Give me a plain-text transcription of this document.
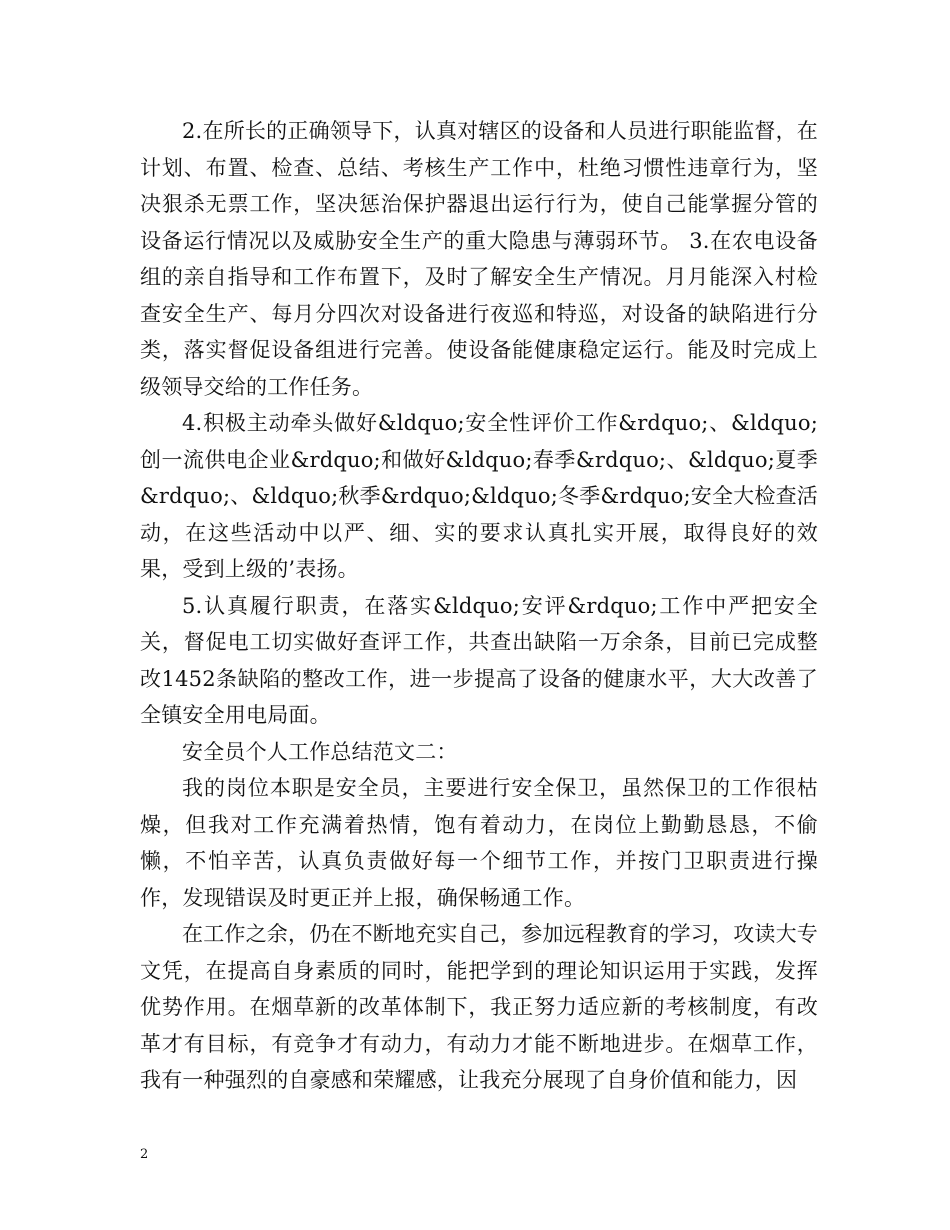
2.在所长的正确领导下，认真对辖区的设备和人员进行职能监督，在计划、布置、检查、总结、考核生产工作中，杜绝习惯性违章行为，坚决狠杀无票工作，坚决惩治保护器退出运行行为，使自己能掌握分管的设备运行情况以及威胁安全生产的重大隐患与薄弱环节。 3.在农电设备组的亲自指导和工作布置下，及时了解安全生产情况。月月能深入村检查安全生产、每月分四次对设备进行夜巡和特巡，对设备的缺陷进行分类，落实督促设备组进行完善。使设备能健康稳定运行。能及时完成上级领导交给的工作任务。

4.积极主动牵头做好&ldquo;安全性评价工作&rdquo;、&ldquo;创一流供电企业&rdquo;和做好&ldquo;春季&rdquo;、&ldquo;夏季&rdquo;、&ldquo;秋季&rdquo;&ldquo;冬季&rdquo;安全大检查活动，在这些活动中以严、细、实的要求认真扎实开展，取得良好的效果，受到上级的’表扬。

5.认真履行职责，在落实&ldquo;安评&rdquo;工作中严把安全关，督促电工切实做好查评工作，共查出缺陷一万余条，目前已完成整改1452条缺陷的整改工作，进一步提高了设备的健康水平，大大改善了全镇安全用电局面。

安全员个人工作总结范文二：

我的岗位本职是安全员，主要进行安全保卫，虽然保卫的工作很枯燥，但我对工作充满着热情，饱有着动力，在岗位上勤勤恳恳，不偷懒，不怕辛苦，认真负责做好每一个细节工作，并按门卫职责进行操作，发现错误及时更正并上报，确保畅通工作。

在工作之余，仍在不断地充实自己，参加远程教育的学习，攻读大专文凭，在提高自身素质的同时，能把学到的理论知识运用于实践，发挥优势作用。在烟草新的改革体制下，我正努力适应新的考核制度，有改革才有目标，有竞争才有动力，有动力才能不断地进步。在烟草工作，我有一种强烈的自豪感和荣耀感，让我充分展现了自身价值和能力，因

2
